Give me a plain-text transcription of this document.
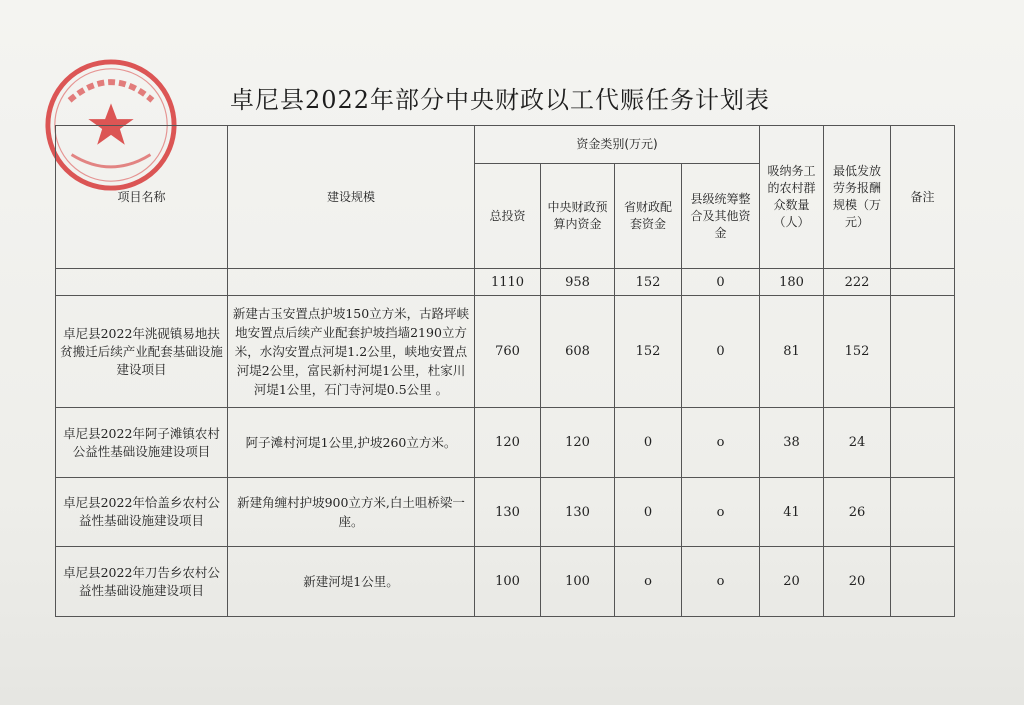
卓尼县2022年部分中央财政以工代赈任务计划表
项目名称	建设规模	资金类别(万元)				吸纳务工的农村群众数量（人）	最低发放劳务报酬规模（万元）	备注
		总投资	中央财政预算内资金	省财政配套资金	县级统筹整合及其他资金			
		1110	958	152	0	180	222	
卓尼县2022年洮砚镇易地扶贫搬迁后续产业配套基础设施建设项目	新建古玉安置点护坡150立方米，古路坪峡地安置点后续产业配套护坡挡墙2190立方米，水沟安置点河堤1.2公里，峡地安置点河堤2公里，富民新村河堤1公里，杜家川河堤1公里，石门寺河堤0.5公里 。	760	608	152	0	81	152	
卓尼县2022年阿子滩镇农村公益性基础设施建设项目	阿子滩村河堤1公里,护坡260立方米。	120	120	0	o	38	24	
卓尼县2022年恰盖乡农村公益性基础设施建设项目	新建角缠村护坡900立方米,白土咀桥梁一座。	130	130	0	o	41	26	
卓尼县2022年刀告乡农村公益性基础设施建设项目	新建河堤1公里。	100	100	o	o	20	20	
